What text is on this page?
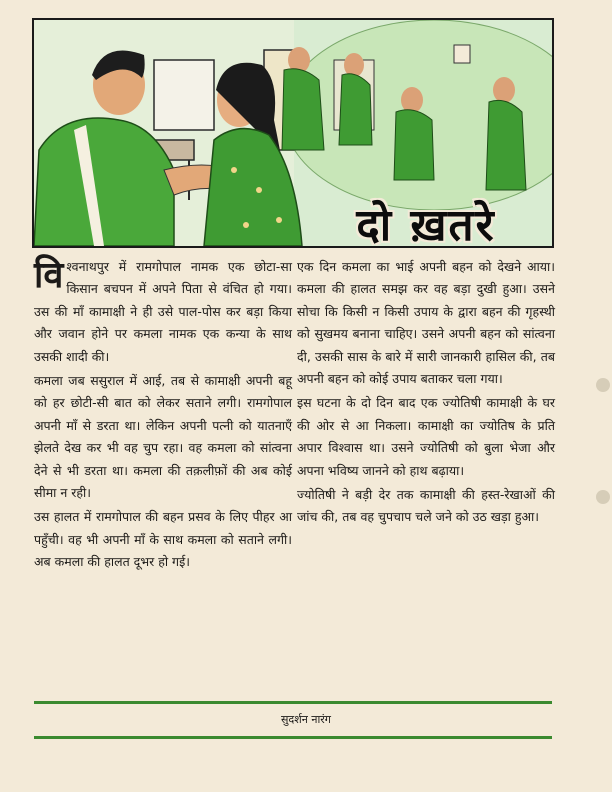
दो ख़तरे

विश्वनाथपुर में रामगोपाल नामक एक छोटा-सा किसान बचपन में अपने पिता से वंचित हो गया। उस की माँ कामाक्षी ने ही उसे पाल-पोस कर बड़ा किया और जवान होने पर कमला नामक एक कन्या के साथ उसकी शादी की।

कमला जब ससुराल में आई, तब से कामाक्षी अपनी बहू को हर छोटी-सी बात को लेकर सताने लगी। रामगोपाल अपनी माँ से डरता था। लेकिन अपनी पत्नी को यातनाएँ झेलते देख कर भी वह चुप रहा। वह कमला को सांत्वना देने से भी डरता था। कमला की तक़लीफ़ों की अब कोई सीमा न रही।

उस हालत में रामगोपाल की बहन प्रसव के लिए पीहर आ पहुँची। वह भी अपनी माँ के साथ कमला को सताने लगी। अब कमला की हालत दूभर हो गई।

एक दिन कमला का भाई अपनी बहन को देखने आया। कमला की हालत समझ कर वह बड़ा दुखी हुआ। उसने सोचा कि किसी न किसी उपाय के द्वारा बहन की गृहस्थी को सुखमय बनाना चाहिए। उसने अपनी बहन को सांत्वना दी, उसकी सास के बारे में सारी जानकारी हासिल की, तब अपनी बहन को कोई उपाय बताकर चला गया।

इस घटना के दो दिन बाद एक ज्योतिषी कामाक्षी के घर की ओर से आ निकला। कामाक्षी का ज्योतिष के प्रति अपार विश्वास था। उसने ज्योतिषी को बुला भेजा और अपना भविष्य जानने को हाथ बढ़ाया।

ज्योतिषी ने बड़ी देर तक कामाक्षी की हस्त-रेखाओं की जांच की, तब वह चुपचाप चले जने को उठ खड़ा हुआ।

सुदर्शन नारंग
